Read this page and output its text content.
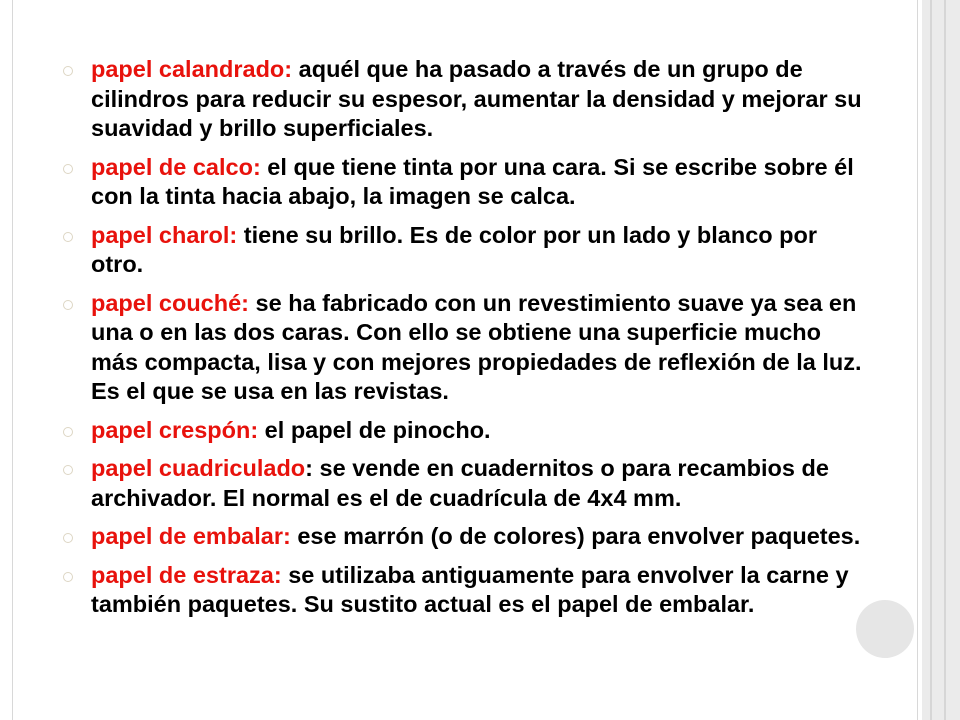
papel calandrado: aquél que ha pasado a través de un grupo de cilindros para reducir su espesor, aumentar la densidad y mejorar su suavidad y brillo superficiales.
papel de calco: el que tiene tinta por una cara. Si se escribe sobre él con la tinta hacia abajo, la imagen se calca.
papel charol: tiene su brillo. Es de color por un lado y blanco por otro.
papel couché: se ha fabricado con un revestimiento suave ya sea en una o en las dos caras. Con ello se obtiene una superficie mucho más compacta, lisa y con mejores propiedades de reflexión de la luz. Es el que se usa en las revistas.
papel crespón: el papel de pinocho.
papel cuadriculado: se vende en cuadernitos o para recambios de archivador. El normal es el de cuadrícula de 4x4 mm.
papel de embalar: ese marrón (o de colores) para envolver paquetes.
papel de estraza: se utilizaba antiguamente para envolver la carne y también paquetes. Su sustito actual es el papel de embalar.
